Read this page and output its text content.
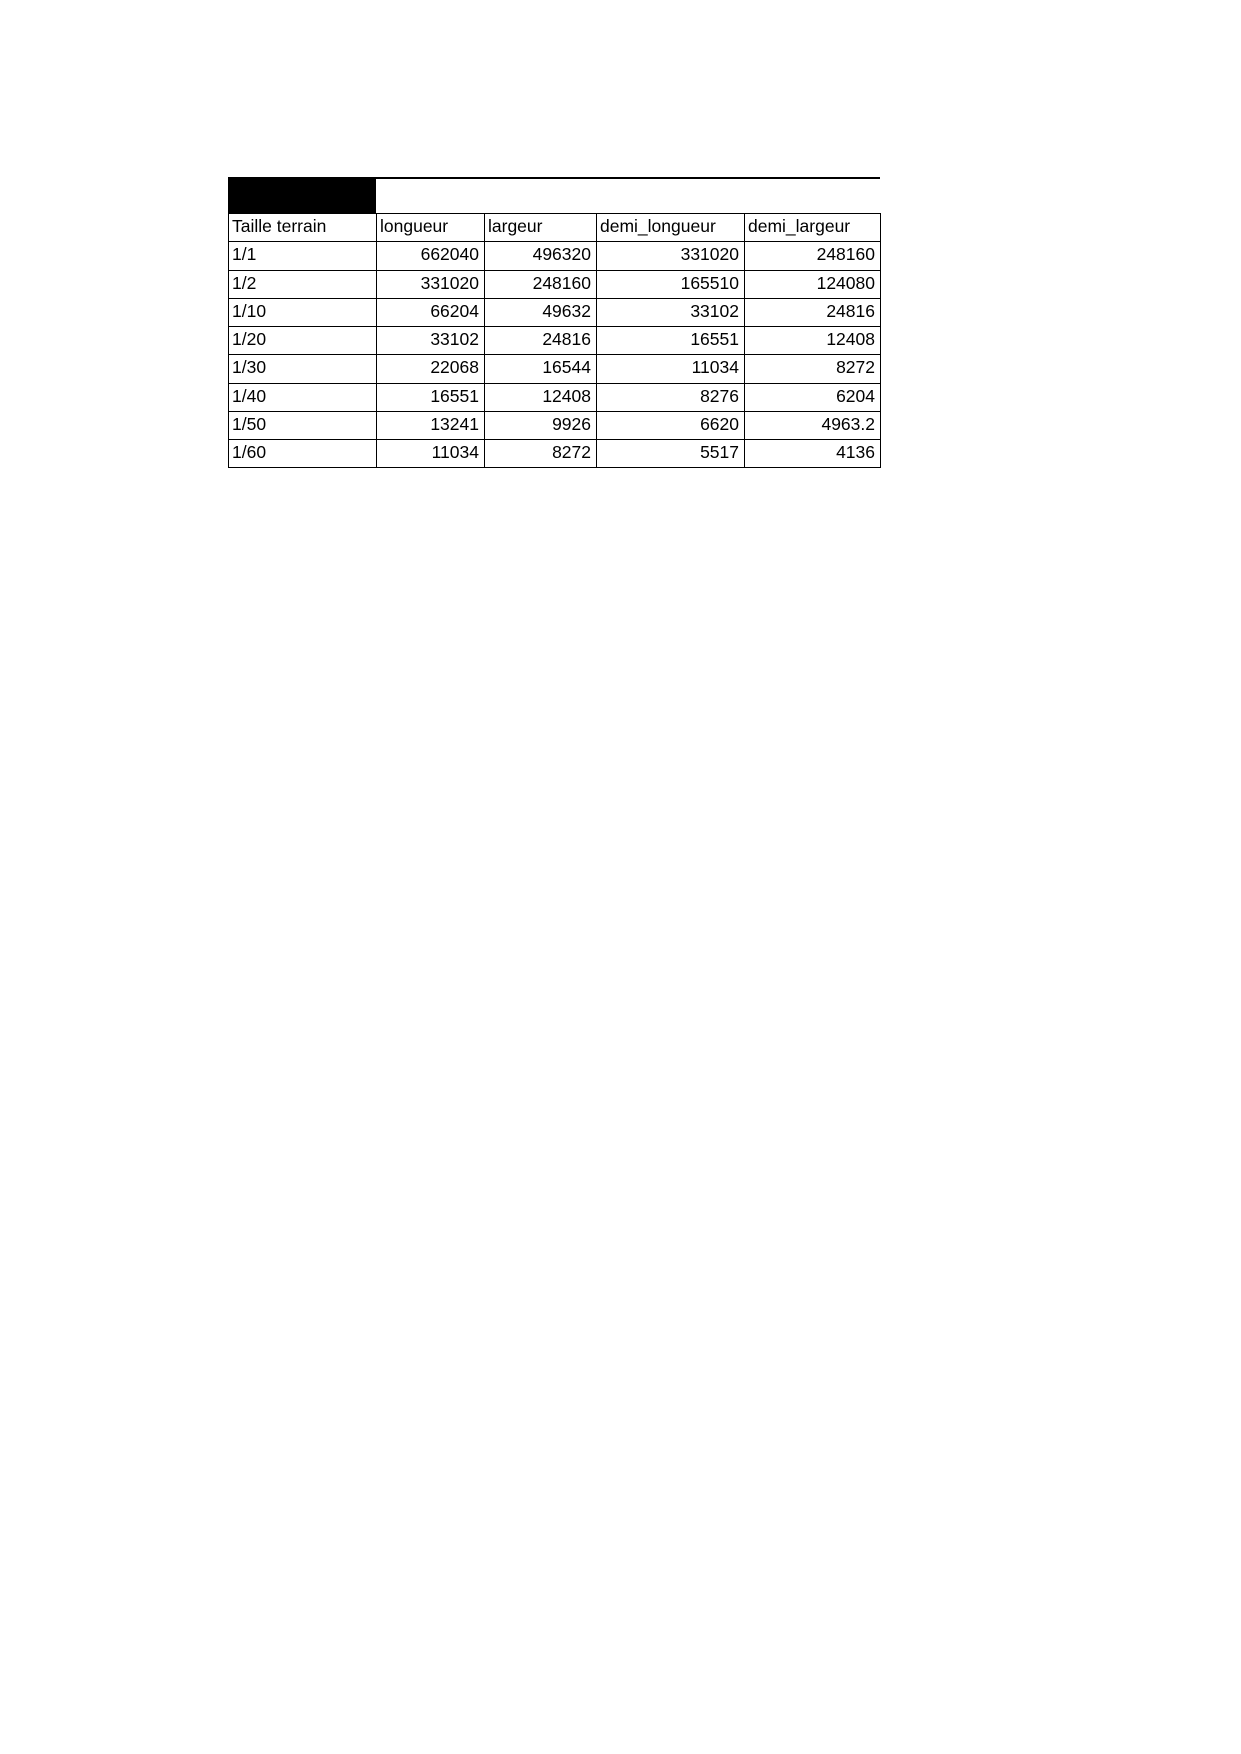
Taille terrain	longueur	largeur	demi_longueur	demi_largeur
1/1	662040	496320	331020	248160
1/2	331020	248160	165510	124080
1/10	66204	49632	33102	24816
1/20	33102	24816	16551	12408
1/30	22068	16544	11034	8272
1/40	16551	12408	8276	6204
1/50	13241	9926	6620	4963.2
1/60	11034	8272	5517	4136
